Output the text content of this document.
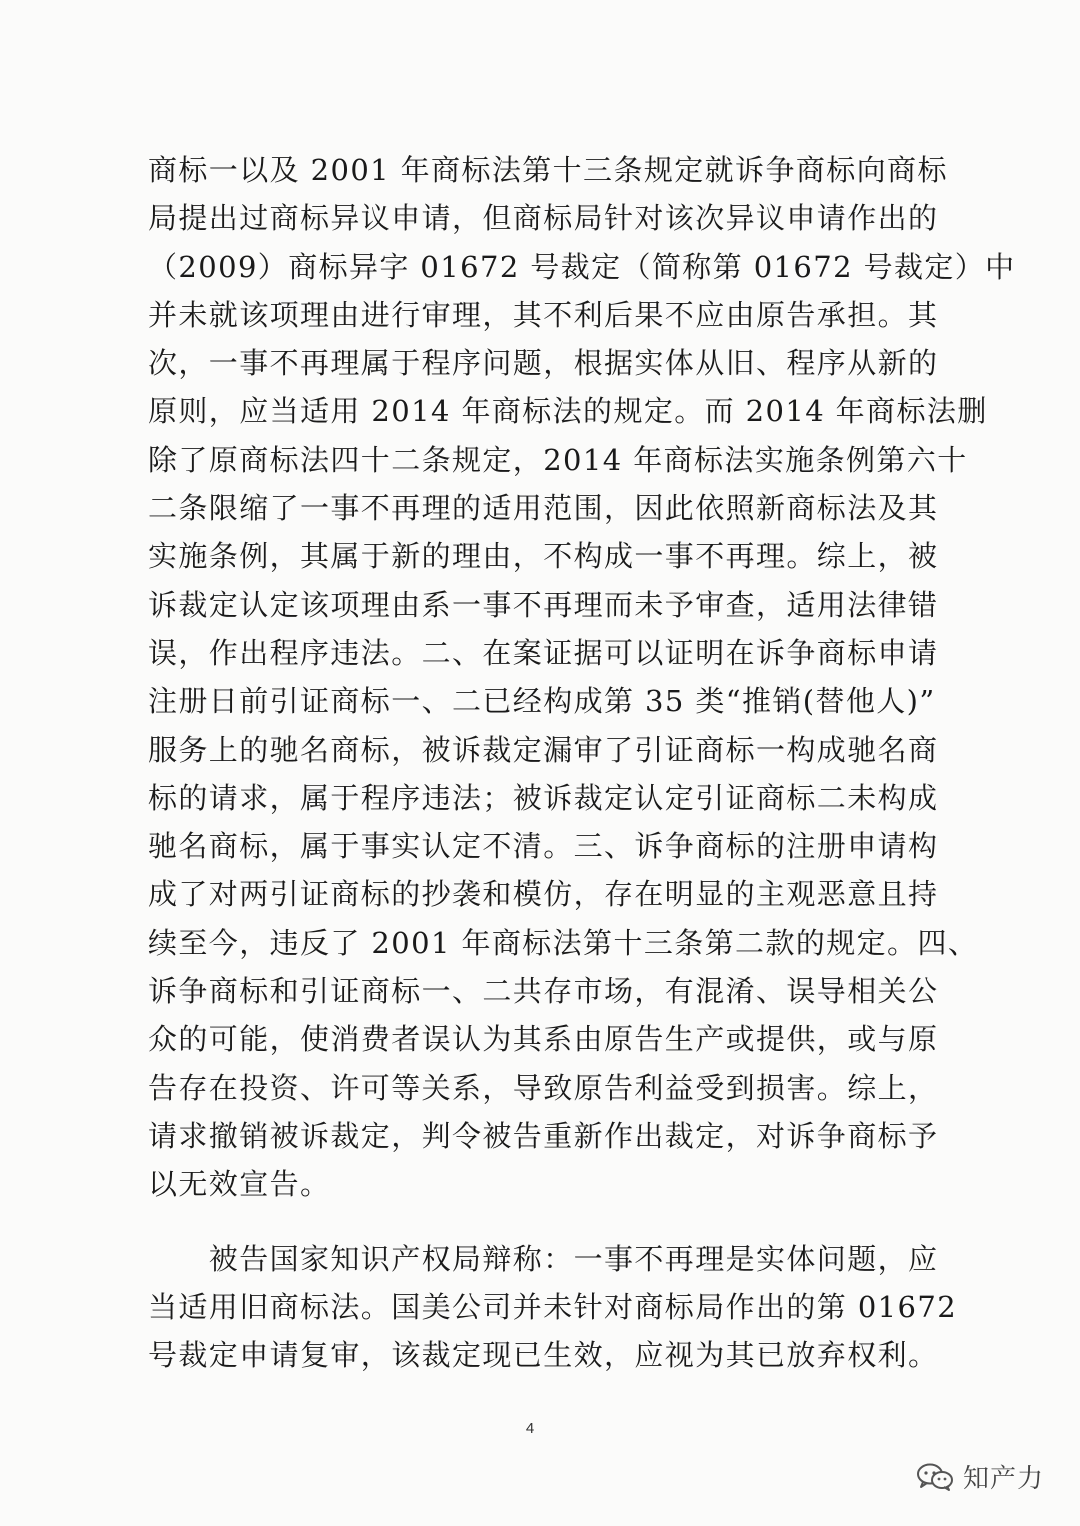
商标一以及 2001 年商标法第十三条规定就诉争商标向商标
局提出过商标异议申请，但商标局针对该次异议申请作出的
（2009）商标异字 01672 号裁定（简称第 01672 号裁定）中
并未就该项理由进行审理，其不利后果不应由原告承担。其
次，一事不再理属于程序问题，根据实体从旧、程序从新的
原则，应当适用 2014 年商标法的规定。而 2014 年商标法删
除了原商标法四十二条规定，2014 年商标法实施条例第六十
二条限缩了一事不再理的适用范围，因此依照新商标法及其
实施条例，其属于新的理由，不构成一事不再理。综上，被
诉裁定认定该项理由系一事不再理而未予审查，适用法律错
误，作出程序违法。二、在案证据可以证明在诉争商标申请
注册日前引证商标一、二已经构成第 35 类“推销(替他人)”
服务上的驰名商标，被诉裁定漏审了引证商标一构成驰名商
标的请求，属于程序违法；被诉裁定认定引证商标二未构成
驰名商标，属于事实认定不清。三、诉争商标的注册申请构
成了对两引证商标的抄袭和模仿，存在明显的主观恶意且持
续至今，违反了 2001 年商标法第十三条第二款的规定。四、
诉争商标和引证商标一、二共存市场，有混淆、误导相关公
众的可能，使消费者误认为其系由原告生产或提供，或与原
告存在投资、许可等关系，导致原告利益受到损害。综上，
请求撤销被诉裁定，判令被告重新作出裁定，对诉争商标予
以无效宣告。
　　被告国家知识产权局辩称：一事不再理是实体问题，应
当适用旧商标法。国美公司并未针对商标局作出的第 01672
号裁定申请复审，该裁定现已生效，应视为其已放弃权利。
4
知产力
